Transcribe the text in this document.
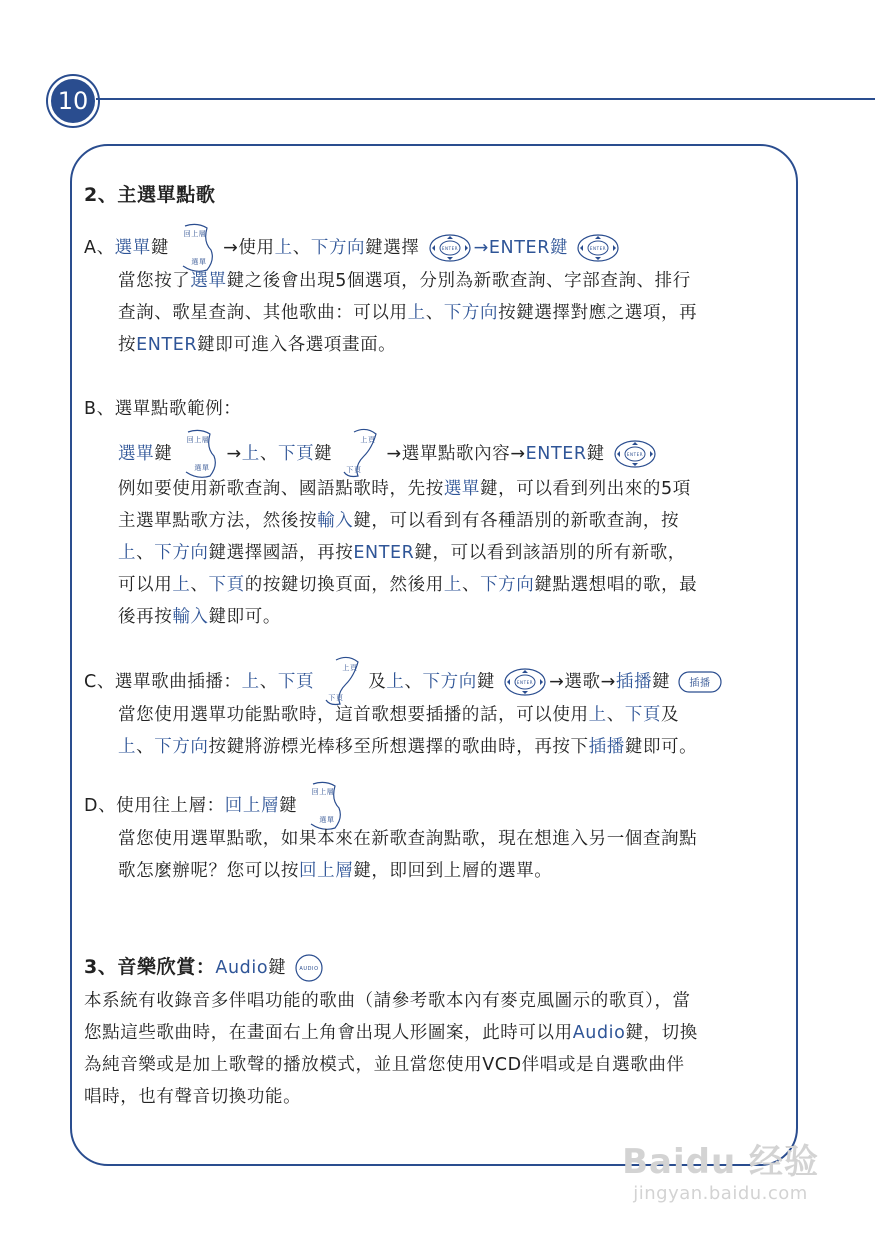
10
2、主選單點歌
A、選單鍵
回上層
選單
→使用上、下方向鍵選擇	ENTER →ENTER鍵	ENTER
當您按了選單鍵之後會出現5個選項，分別為新歌查詢、字部查詢、排行
查詢、歌星查詢、其他歌曲：可以用上、下方向按鍵選擇對應之選項，再
按ENTER鍵即可進入各選項畫面。
B、選單點歌範例：
選單鍵
回上層
選單
→上、下頁鍵
上頁
下頁
→選單點歌內容→ENTER鍵	ENTER
例如要使用新歌查詢、國語點歌時，先按選單鍵，可以看到列出來的5項
主選單點歌方法，然後按輸入鍵，可以看到有各種語別的新歌查詢，按
上、下方向鍵選擇國語，再按ENTER鍵，可以看到該語別的所有新歌，
可以用上、下頁的按鍵切換頁面，然後用上、下方向鍵點選想唱的歌，最
後再按輸入鍵即可。
C、選單歌曲插播：上、下頁
上頁
下頁
及上、下方向鍵	ENTER →選歌→插播鍵 插播
當您使用選單功能點歌時，這首歌想要插播的話，可以使用上、下頁及
上、下方向按鍵將游標光棒移至所想選擇的歌曲時，再按下插播鍵即可。
D、使用往上層：回上層鍵
回上層
選單
當您使用選單點歌，如果本來在新歌查詢點歌，現在想進入另一個查詢點
歌怎麼辦呢？您可以按回上層鍵，即回到上層的選單。
3、音樂欣賞：Audio鍵	AUDIO
本系統有收錄音多伴唱功能的歌曲（請參考歌本內有麥克風圖示的歌頁），當
您點這些歌曲時，在畫面右上角會出現人形圖案，此時可以用Audio鍵，切換
為純音樂或是加上歌聲的播放模式，並且當您使用VCD伴唱或是自選歌曲伴
唱時，也有聲音切換功能。
Baidu 经验
jingyan.baidu.com
